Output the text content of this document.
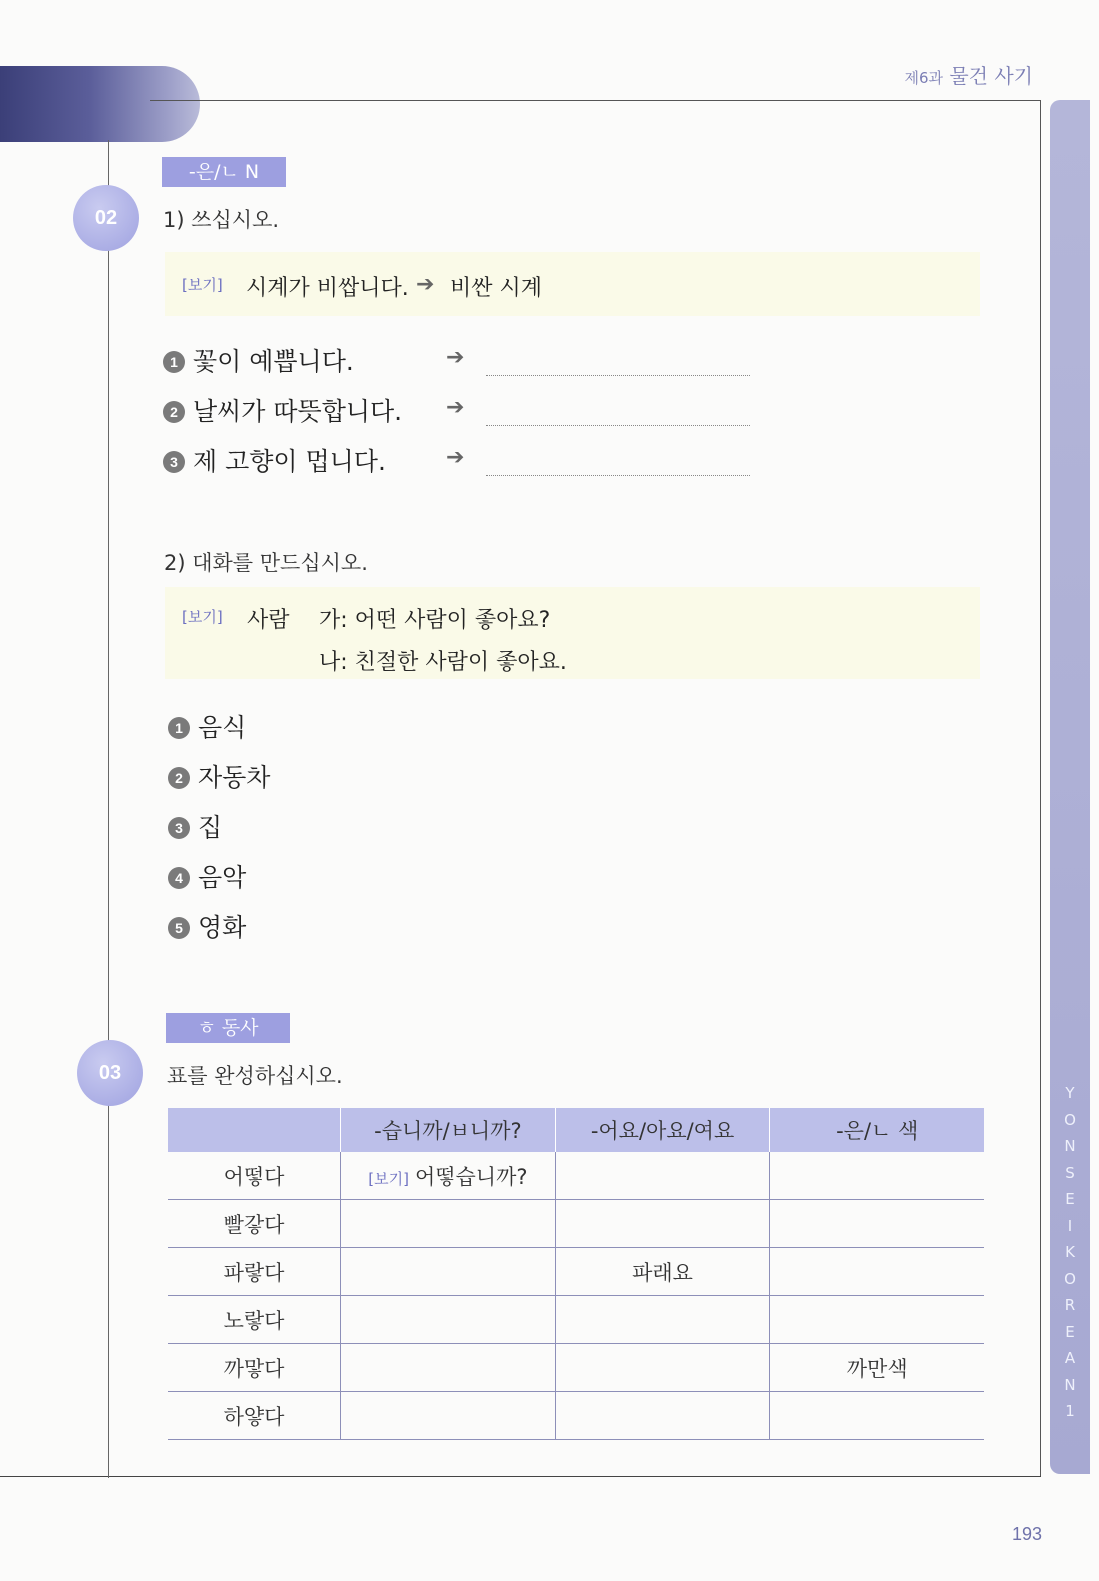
제6과 물건 사기
Y
O
N
S
E
I
K
O
R
E
A
N
1
193
-은/ㄴ N
02	1) 쓰십시오.
[보기] 시계가 비쌉니다. ➔ 비싼 시계
1 꽃이 예쁩니다.	➔
2 날씨가 따뜻합니다. ➔
3 제 고향이 멉니다.	➔
2) 대화를 만드십시오.
[보기] 사람 가: 어떤 사람이 좋아요?
나: 친절한 사람이 좋아요.
1 음식
2 자동차
3 집
4 음악
5 영화
ㅎ 동사
03	표를 완성하십시오.
	-습니까/ㅂ니까?	-어요/아요/여요	-은/ㄴ 색
어떻다	[보기] 어떻습니까?		
빨갛다			
파랗다		파래요	
노랗다			
까맣다			까만색
하얗다			
